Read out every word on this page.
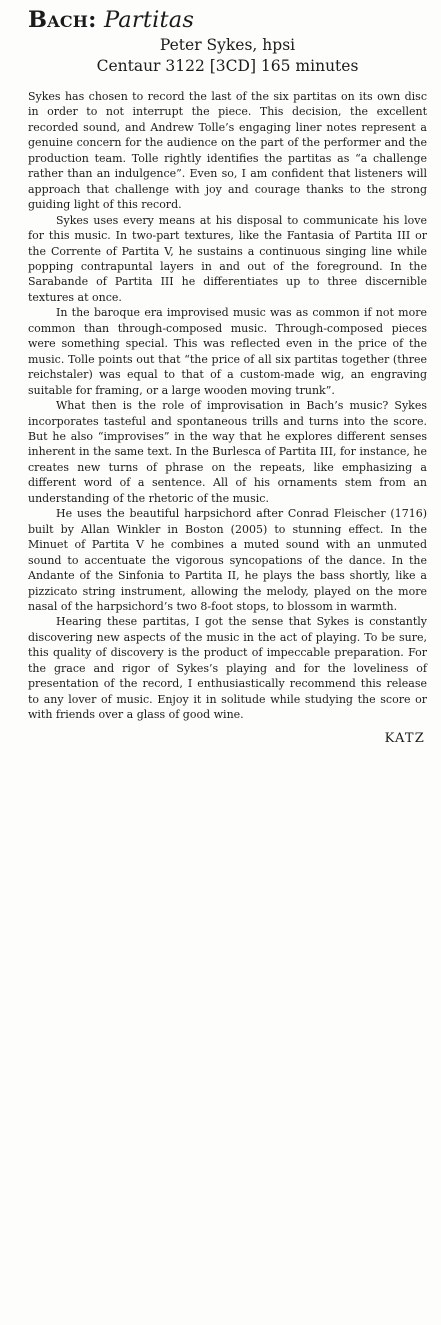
Bach: Partitas
Peter Sykes, hpsi
Centaur 3122 [3CD] 165 minutes

Sykes has chosen to record the last of the six partitas on its own disc in order to not interrupt the piece. This decision, the excellent recorded sound, and Andrew Tolle’s engaging liner notes represent a genuine concern for the audience on the part of the performer and the production team. Tolle rightly identifies the partitas as “a challenge rather than an indulgence”. Even so, I am confident that listeners will approach that challenge with joy and courage thanks to the strong guiding light of this record.

Sykes uses every means at his disposal to communicate his love for this music. In two-part textures, like the Fantasia of Partita III or the Corrente of Partita V, he sustains a continuous singing line while popping contrapuntal layers in and out of the foreground. In the Sarabande of Partita III he differentiates up to three discernible textures at once.

In the baroque era improvised music was as common if not more common than through-composed music. Through-composed pieces were something special. This was reflected even in the price of the music. Tolle points out that “the price of all six partitas together (three reichstaler) was equal to that of a custom-made wig, an engraving suitable for framing, or a large wooden moving trunk”.

What then is the role of improvisation in Bach’s music? Sykes incorporates tasteful and spontaneous trills and turns into the score. But he also “improvises” in the way that he explores different senses inherent in the same text. In the Burlesca of Partita III, for instance, he creates new turns of phrase on the repeats, like emphasizing a different word of a sentence. All of his ornaments stem from an understanding of the rhetoric of the music.

He uses the beautiful harpsichord after Conrad Fleischer (1716) built by Allan Winkler in Boston (2005) to stunning effect. In the Minuet of Partita V he combines a muted sound with an unmuted sound to accentuate the vigorous syncopations of the dance. In the Andante of the Sinfonia to Partita II, he plays the bass shortly, like a pizzicato string instrument, allowing the melody, played on the more nasal of the harpsichord’s two 8-foot stops, to blossom in warmth.

Hearing these partitas, I got the sense that Sykes is constantly discovering new aspects of the music in the act of playing. To be sure, this quality of discovery is the product of impeccable preparation. For the grace and rigor of Sykes’s playing and for the loveliness of presentation of the record, I enthusiastically recommend this release to any lover of music. Enjoy it in solitude while studying the score or with friends over a glass of good wine.

KATZ
